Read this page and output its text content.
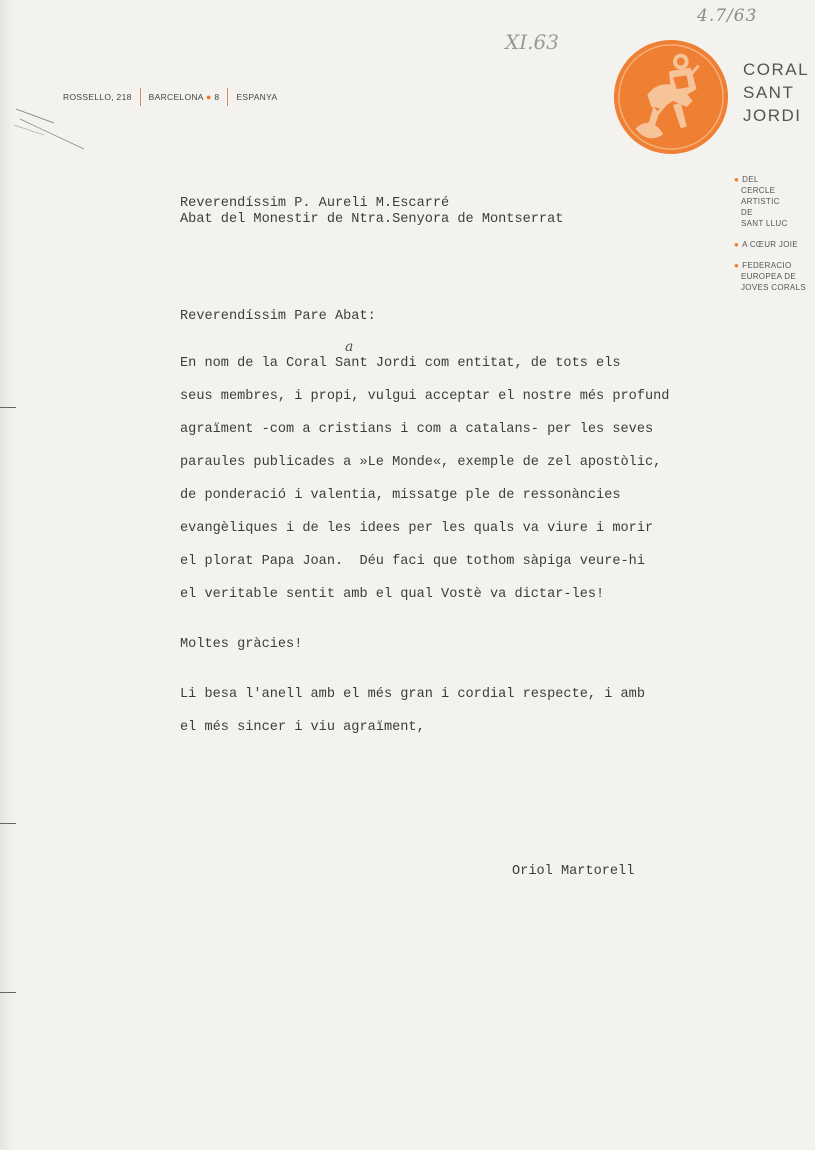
4.7/63
XI.63
ROSSELLO, 218 BARCELONA ● 8 ESPANYA
CORAL
SANT
JORDI
● DEL
CERCLE
ARTISTIC
DE
SANT LLUC
● A CŒUR JOIE
● FEDERACIO
EUROPEA DE
JOVES CORALS
Reverendíssim P. Aureli M.Escarré
Abat del Monestir de Ntra.Senyora de Montserrat
Reverendíssim Pare Abat:
a
En nom de la Coral Sant Jordi com entitat, de tots els
seus membres, i propi, vulgui acceptar el nostre més profund
agraïment -com a cristians i com a catalans- per les seves
paraules publicades a »Le Monde«, exemple de zel apostòlic,
de ponderació i valentia, missatge ple de ressonàncies
evangèliques i de les idees per les quals va viure i morir
el plorat Papa Joan.  Déu faci que tothom sàpiga veure-hi
el veritable sentit amb el qual Vostè va dictar-les!
Moltes gràcies!
Li besa l'anell amb el més gran i cordial respecte, i amb
el més sincer i viu agraïment,
Oriol Martorell
